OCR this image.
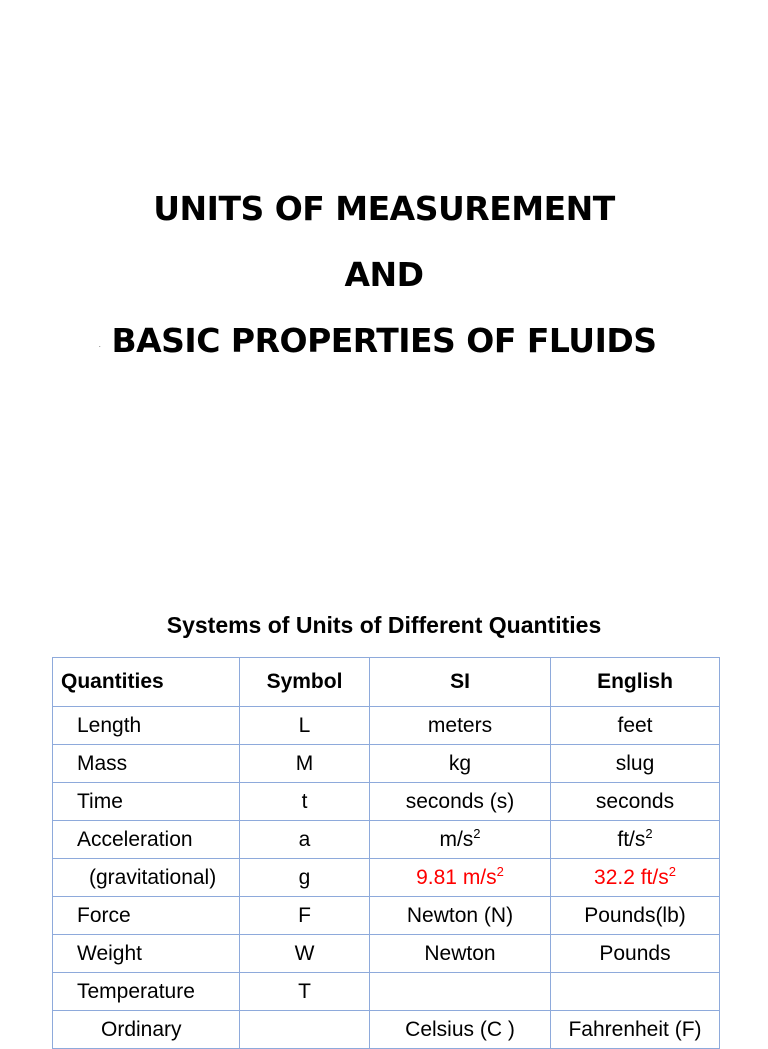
UNITS OF MEASUREMENT
AND
BASIC PROPERTIES OF FLUIDS
.
Systems of Units of Different Quantities
Quantities	Symbol	SI	English
Length	L	meters	feet
Mass	M	kg	slug
Time	t	seconds (s)	seconds
Acceleration	a	$m/s^2$	$ft/s^2$
(gravitational)	g	9.81 $m/s^2$	32.2 $ft/s^2$
Force	F	Newton (N)	Pounds(lb)
Weight	W	Newton	Pounds
Temperature	T		
Ordinary		Celsius (C )	Fahrenheit (F)
